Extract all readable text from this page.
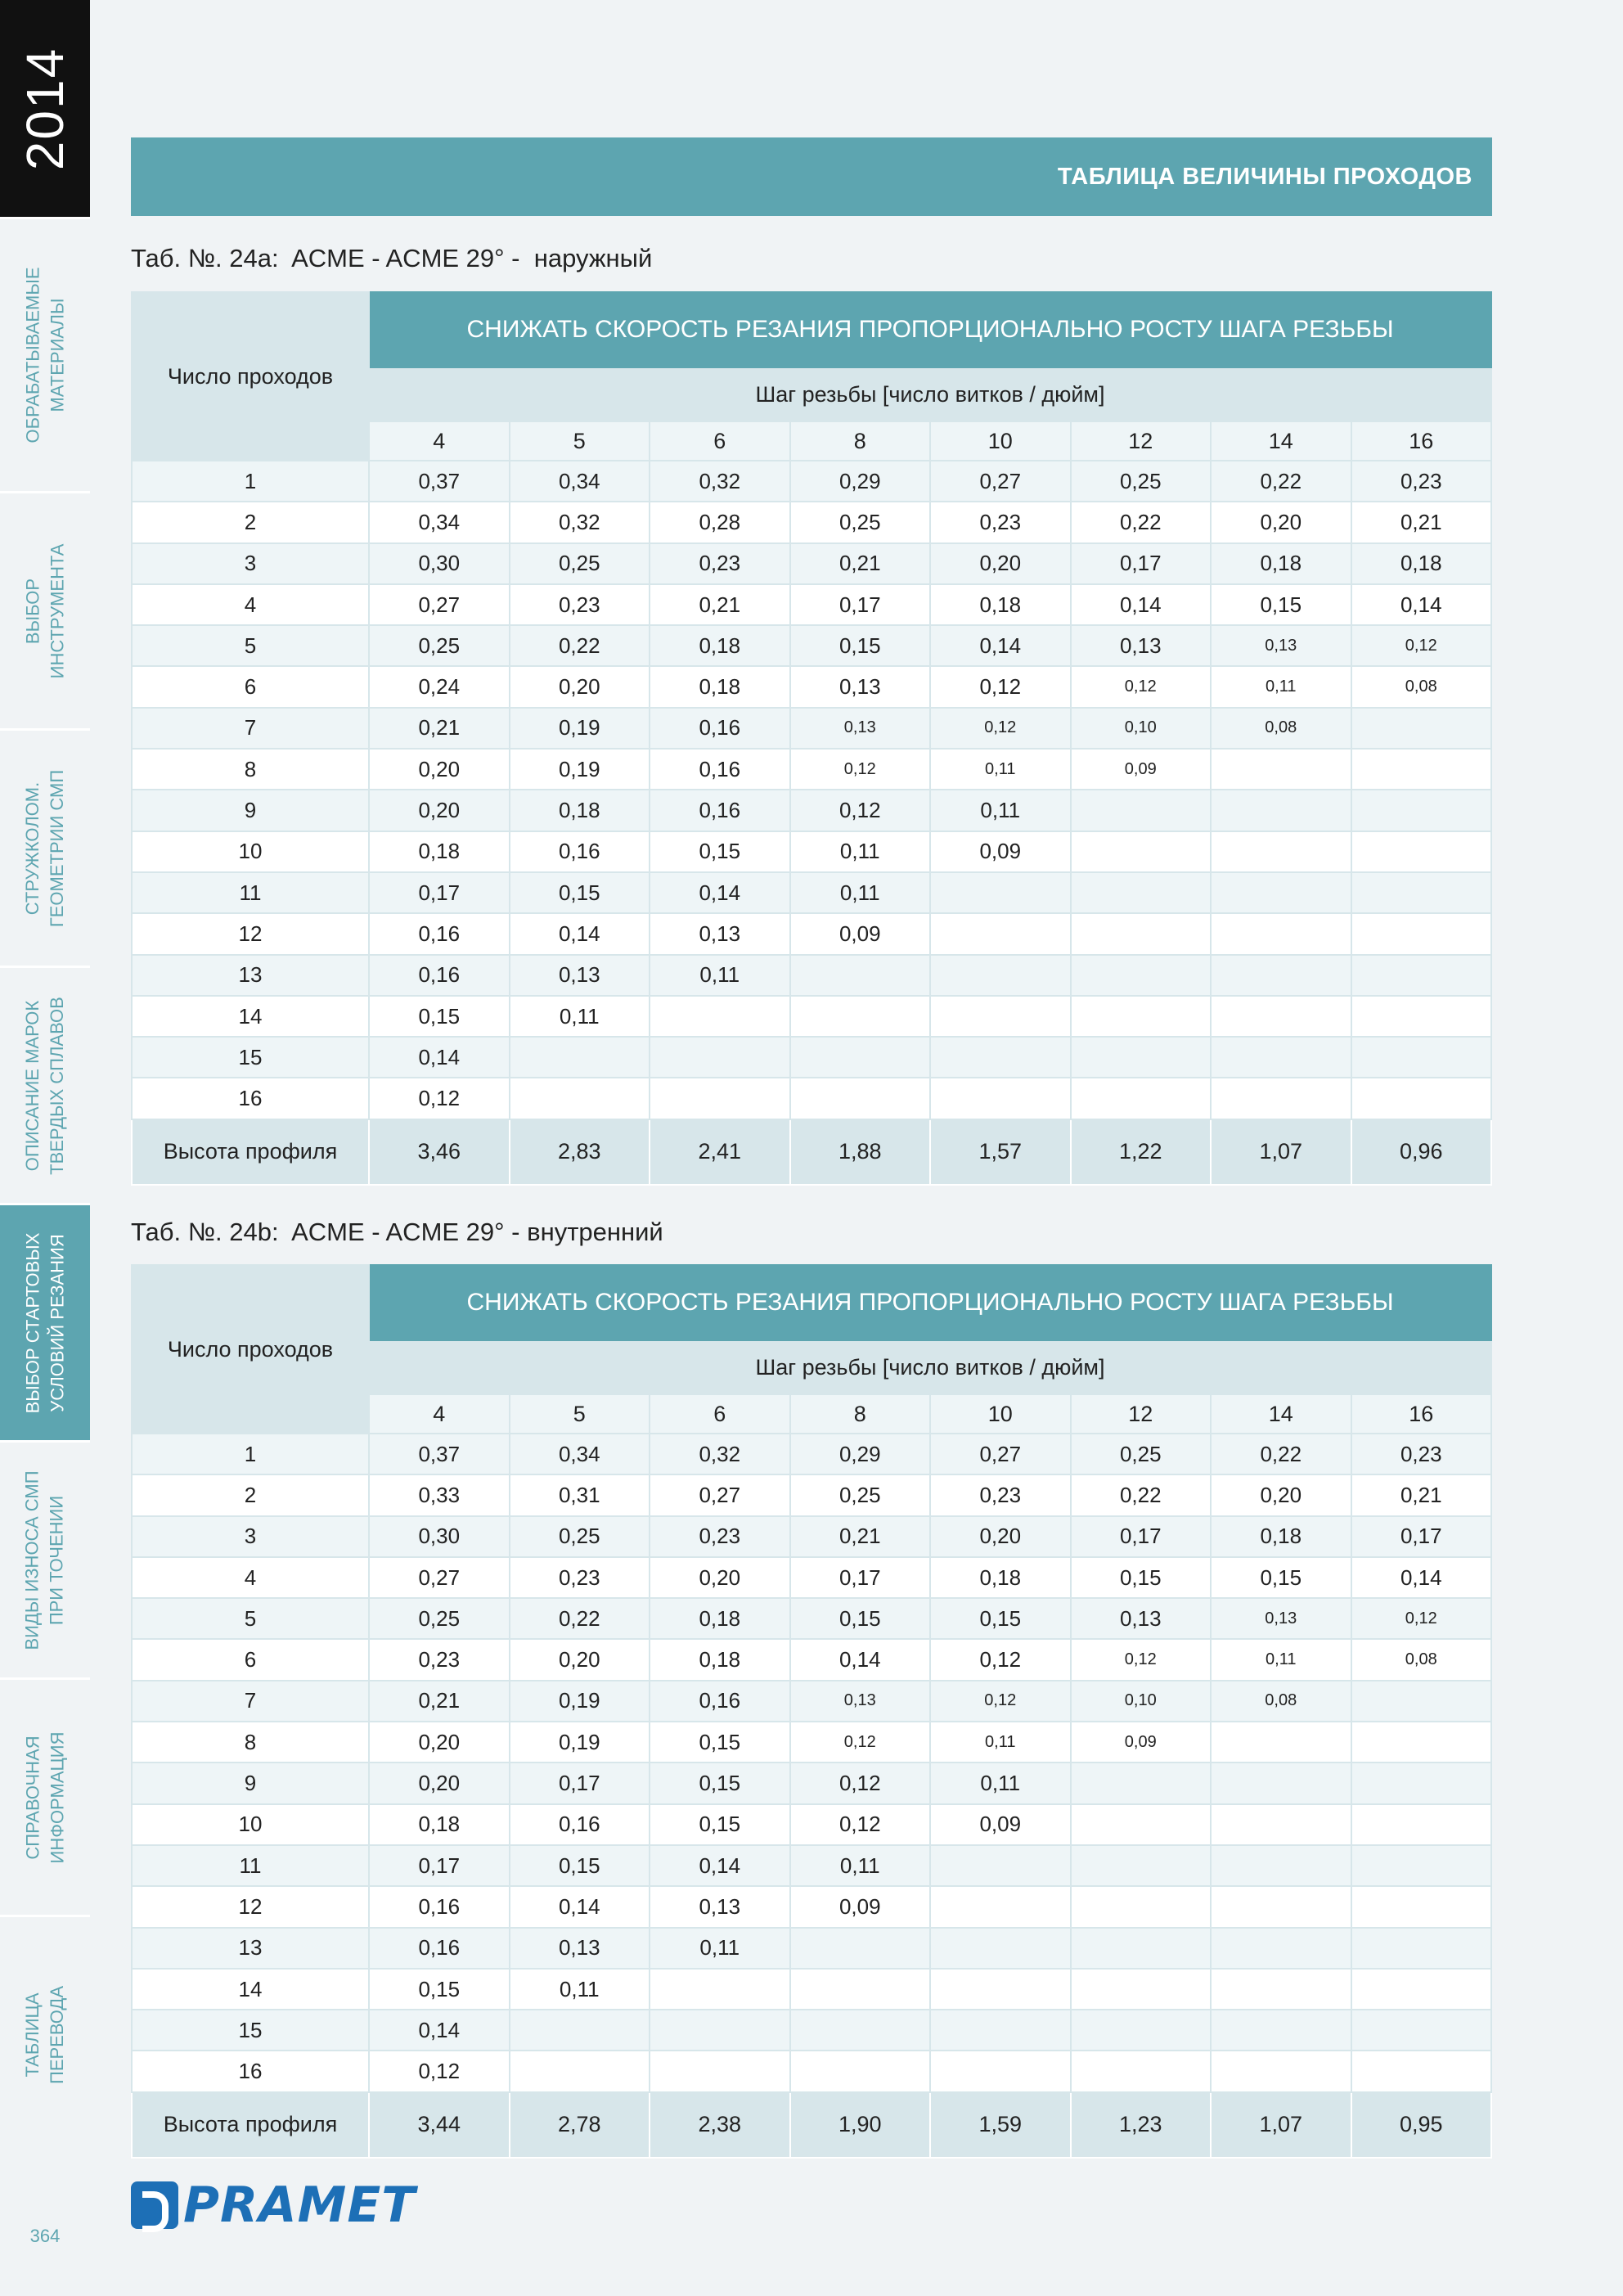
2014
ОБРАБАТЫВАЕМЫЕ
МАТЕРИАЛЫ
ВЫБОР
ИНСТРУМЕНТА
СТРУЖКОЛОМ.
ГЕОМЕТРИИ СМП
ОПИСАНИЕ МАРОК
ТВЕРДЫХ СПЛАВОВ
ВЫБОР СТАРТОВЫХ
УСЛОВИЙ РЕЗАНИЯ
ВИДЫ ИЗНОСА СМП
ПРИ ТОЧЕНИИ
СПРАВОЧНАЯ
ИНФОРМАЦИЯ
ТАБЛИЦА
ПЕРЕВОДА
364
ТАБЛИЦА ВЕЛИЧИНЫ ПРОХОДОВ
Таб. №. 24a:  ACME - ACME 29° -  наружный
Число проходов	СНИЖАТЬ СКОРОСТЬ РЕЗАНИЯ ПРОПОРЦИОНАЛЬНО РОСТУ ШАГА РЕЗЬБЫ							
	Шаг резьбы [число витков / дюйм]							
	4	5	6	8	10	12	14	16
1	0,37	0,34	0,32	0,29	0,27	0,25	0,22	0,23
2	0,34	0,32	0,28	0,25	0,23	0,22	0,20	0,21
3	0,30	0,25	0,23	0,21	0,20	0,17	0,18	0,18
4	0,27	0,23	0,21	0,17	0,18	0,14	0,15	0,14
5	0,25	0,22	0,18	0,15	0,14	0,13	0,13	0,12
6	0,24	0,20	0,18	0,13	0,12	0,12	0,11	0,08
7	0,21	0,19	0,16	0,13	0,12	0,10	0,08	
8	0,20	0,19	0,16	0,12	0,11	0,09		
9	0,20	0,18	0,16	0,12	0,11			
10	0,18	0,16	0,15	0,11	0,09			
11	0,17	0,15	0,14	0,11				
12	0,16	0,14	0,13	0,09				
13	0,16	0,13	0,11					
14	0,15	0,11						
15	0,14							
16	0,12							
Высота профиля	3,46	2,83	2,41	1,88	1,57	1,22	1,07	0,96
Таб. №. 24b:  ACME - ACME 29° - внутренний
Число проходов	СНИЖАТЬ СКОРОСТЬ РЕЗАНИЯ ПРОПОРЦИОНАЛЬНО РОСТУ ШАГА РЕЗЬБЫ							
	Шаг резьбы [число витков / дюйм]							
	4	5	6	8	10	12	14	16
1	0,37	0,34	0,32	0,29	0,27	0,25	0,22	0,23
2	0,33	0,31	0,27	0,25	0,23	0,22	0,20	0,21
3	0,30	0,25	0,23	0,21	0,20	0,17	0,18	0,17
4	0,27	0,23	0,20	0,17	0,18	0,15	0,15	0,14
5	0,25	0,22	0,18	0,15	0,15	0,13	0,13	0,12
6	0,23	0,20	0,18	0,14	0,12	0,12	0,11	0,08
7	0,21	0,19	0,16	0,13	0,12	0,10	0,08	
8	0,20	0,19	0,15	0,12	0,11	0,09		
9	0,20	0,17	0,15	0,12	0,11			
10	0,18	0,16	0,15	0,12	0,09			
11	0,17	0,15	0,14	0,11				
12	0,16	0,14	0,13	0,09				
13	0,16	0,13	0,11					
14	0,15	0,11						
15	0,14							
16	0,12							
Высота профиля	3,44	2,78	2,38	1,90	1,59	1,23	1,07	0,95
PRAMET
